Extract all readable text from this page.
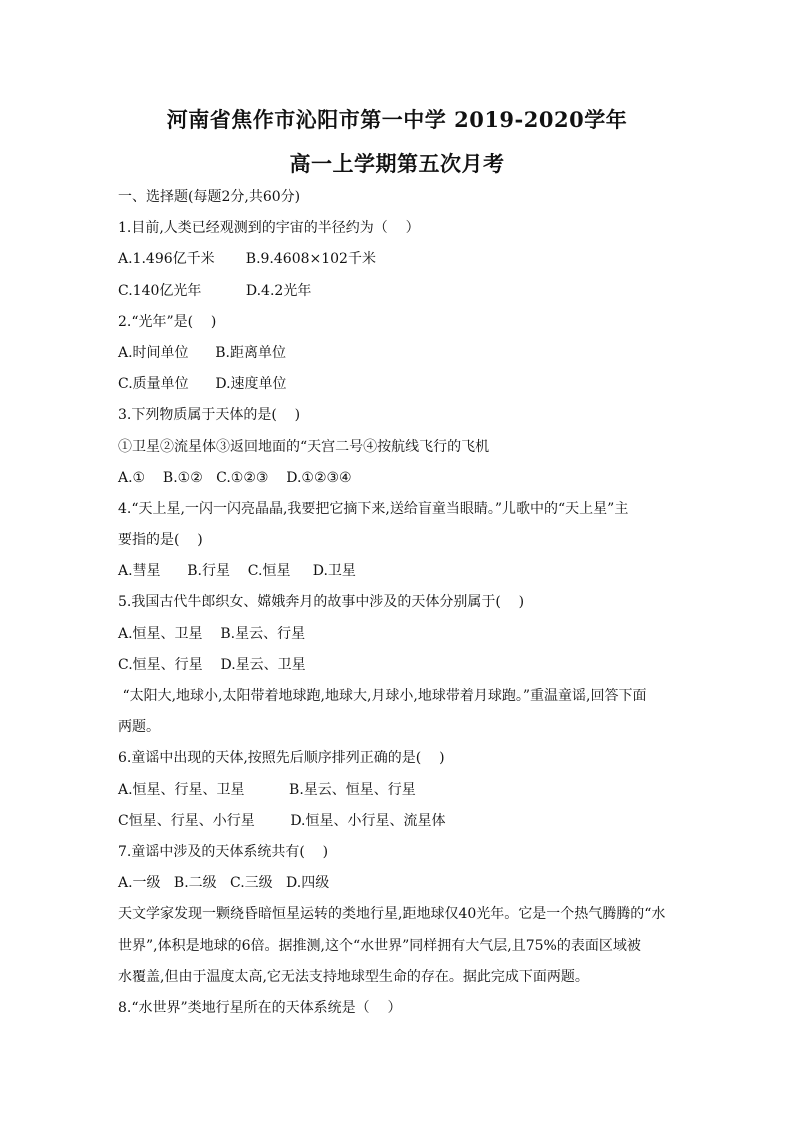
河南省焦作市沁阳市第一中学 2019-2020学年
高一上学期第五次月考
一、选择题(每题2分,共60分)
1.目前,人类已经观测到的宇宙的半径约为（    ）
A.1.496亿千米       B.9.4608×102千米
C.140亿光年          D.4.2光年
2.“光年”是(    )
A.时间单位      B.距离单位
C.质量单位      D.速度单位
3.下列物质属于天体的是(    )
①卫星②流星体③返回地面的“天宫二号④按航线飞行的飞机
A.①    B.①②   C.①②③    D.①②③④
4.“天上星,一闪一闪亮晶晶,我要把它摘下来,送给盲童当眼睛。”儿歌中的“天上星”主
要指的是(    )
A.彗星      B.行星    C.恒星     D.卫星
5.我国古代牛郎织女、嫦娥奔月的故事中涉及的天体分别属于(    )
A.恒星、卫星    B.星云、行星
C.恒星、行星    D.星云、卫星
“太阳大,地球小,太阳带着地球跑,地球大,月球小,地球带着月球跑。”重温童谣,回答下面
两题。
6.童谣中出现的天体,按照先后顺序排列正确的是(    )
A.恒星、行星、卫星          B.星云、恒星、行星
C恒星、行星、小行星        D.恒星、小行星、流星体
7.童谣中涉及的天体系统共有(    )
A.一级   B.二级   C.三级   D.四级
天文学家发现一颗绕昏暗恒星运转的类地行星,距地球仅40光年。它是一个热气腾腾的“水
世界”,体积是地球的6倍。据推测,这个“水世界”同样拥有大气层,且75%的表面区域被
水覆盖,但由于温度太高,它无法支持地球型生命的存在。据此完成下面两题。
8.“水世界”类地行星所在的天体系统是（    ）
